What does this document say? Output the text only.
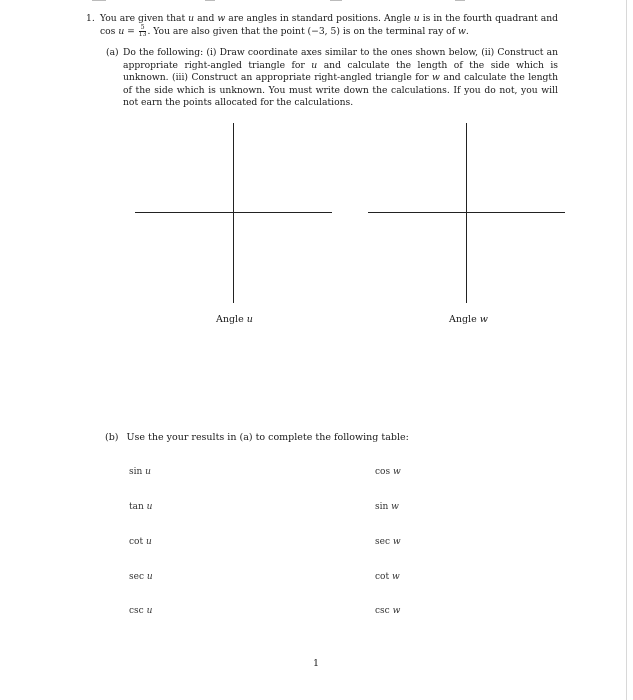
1. You are given that u and w are angles in standard positions. Angle u is in the fourth quadrant and $\cos u = \frac{5}{13}$ . You are also given that the point (−3, 5) is on the terminal ray of w.
(a) Do the following: (i) Draw coordinate axes similar to the ones shown below, (ii) Construct an appropriate right-angled triangle for u and calculate the length of the side which is unknown. (iii) Construct an appropriate right-angled triangle for w and calculate the length of the side which is unknown. You must write down the calculations. If you do not, you will not earn the points allocated for the calculations.
Angle u	Angle w
(b) Use the your results in (a) to complete the following table:
sin u
tan u
cot u
sec u
csc u
cos w
sin w
sec w
cot w
csc w
1
